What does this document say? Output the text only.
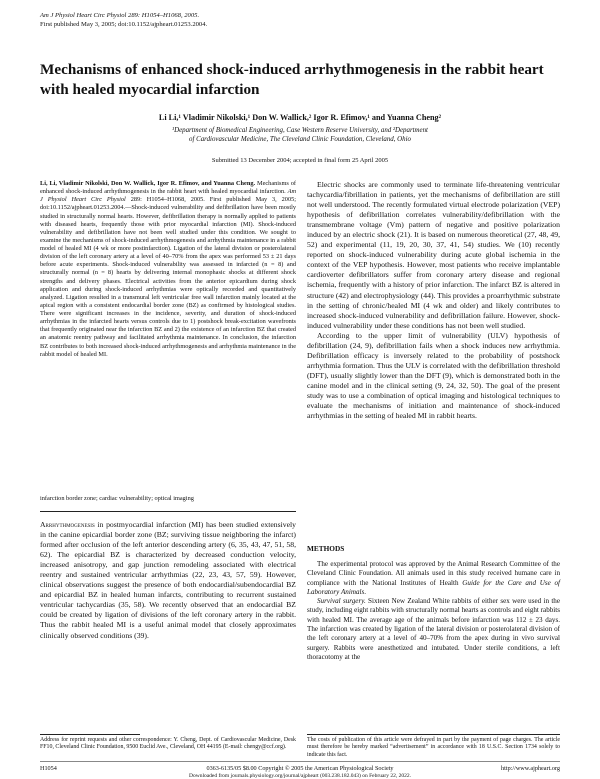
Am J Physiol Heart Circ Physiol 289: H1054–H1068, 2005.
First published May 3, 2005; doi:10.1152/ajpheart.01253.2004.
Mechanisms of enhanced shock-induced arrhythmogenesis in the rabbit heart with healed myocardial infarction
Li Li,¹ Vladimir Nikolski,¹ Don W. Wallick,² Igor R. Efimov,¹ and Yuanna Cheng²
¹Department of Biomedical Engineering, Case Western Reserve University, and ²Department
of Cardiovascular Medicine, The Cleveland Clinic Foundation, Cleveland, Ohio
Submitted 13 December 2004; accepted in final form 25 April 2005
Li, Li, Vladimir Nikolski, Don W. Wallick, Igor R. Efimov, and Yuanna Cheng. Mechanisms of enhanced shock-induced arrhythmogenesis in the rabbit heart with healed myocardial infarction. Am J Physiol Heart Circ Physiol 289: H1054–H1068, 2005. First published May 3, 2005; doi:10.1152/ajpheart.01253.2004.—Shock-induced vulnerability and defibrillation have been mostly studied in structurally normal hearts. However, defibrillation therapy is normally applied to patients with diseased hearts, frequently those with prior myocardial infarction (MI). Shock-induced vulnerability and defibrillation have not been well studied under this condition. We sought to examine the mechanisms of shock-induced arrhythmogenesis and arrhythmia maintenance in a rabbit model of healed MI (4 wk or more postinfarction). Ligation of the lateral division or posterolateral division of the left coronary artery at a level of 40–70% from the apex was performed 53 ± 21 days before acute experiments. Shock-induced vulnerability was assessed in infarcted (n = 8) and structurally normal (n = 8) hearts by delivering internal monophasic shocks at different shock strengths and delivery phases. Electrical activities from the anterior epicardium during shock application and during shock-induced arrhythmias were optically recorded and quantitatively analyzed. Ligation resulted in a transmural left ventricular free wall infarction mainly located at the apical region with a consistent endocardial border zone (BZ) as confirmed by histological studies. There were significant increases in the incidence, severity, and duration of shock-induced arrhythmias in the infarcted hearts versus controls due to 1) postshock break-excitation wavefronts that frequently originated near the infarction BZ and 2) the existence of an infarction BZ that created an anatomic reentry pathway and facilitated arrhythmia maintenance. In conclusion, the infarction BZ contributes to both increased shock-induced arrhythmogenesis and arrhythmia maintenance in the rabbit model of healed MI.
infarction border zone; cardiac vulnerability; optical imaging
Arrhythmogenesis in postmyocardial infarction (MI) has been studied extensively in the canine epicardial border zone (BZ; surviving tissue neighboring the infarct) formed after occlusion of the left anterior descending artery (6, 35, 43, 47, 51, 58, 62). The epicardial BZ is characterized by decreased conduction velocity, increased anisotropy, and gap junction remodeling associated with electrical reentry and sustained ventricular arrhythmias (22, 23, 43, 57, 59). However, clinical observations suggest the presence of both endocardial/subendocardial BZ and epicardial BZ in healed human infarcts, contributing to recurrent sustained ventricular tachycardias (35, 58). We recently observed that an endocardial BZ could be created by ligation of divisions of the left coronary artery in the rabbit. Thus the rabbit healed MI is a useful animal model that closely approximates clinically observed conditions (39).

Electric shocks are commonly used to terminate life-threatening ventricular tachycardia/fibrillation in patients, yet the mechanisms of defibrillation are still not well understood. The recently formulated virtual electrode polarization (VEP) hypothesis of defibrillation correlates vulnerability/defibrillation with the transmembrane voltage (Vm) pattern of negative and positive polarization induced by an electric shock (21). It is based on numerous theoretical (27, 48, 49, 52) and experimental (11, 19, 20, 30, 37, 41, 54) studies. We (10) recently reported on shock-induced vulnerability during acute global ischemia in the context of the VEP hypothesis. However, most patients who receive implantable cardioverter defibrillators suffer from coronary artery disease and regional ischemia, frequently with a history of prior infarction. The infarct BZ is altered in structure (42) and electrophysiology (44). This provides a proarrhythmic substrate in the setting of chronic/healed MI (4 wk and older) and likely contributes to increased shock-induced vulnerability and defibrillation failure. However, shock-induced vulnerability under these conditions has not been well studied.

According to the upper limit of vulnerability (ULV) hypothesis of defibrillation (24, 9), defibrillation fails when a shock induces new arrhythmia. Defibrillation efficacy is inversely related to the probability of postshock arrhythmia formation. Thus the ULV is correlated with the defibrillation threshold (DFT), usually slightly lower than the DFT (9), which is demonstrated both in the canine model and in the clinical setting (9, 24, 32, 50). The goal of the present study was to use a combination of optical imaging and histological techniques to evaluate the mechanisms of initiation and maintenance of shock-induced arrhythmias in the setting of healed MI in rabbit hearts.

METHODS

The experimental protocol was approved by the Animal Research Committee of the Cleveland Clinic Foundation. All animals used in this study received humane care in compliance with the National Institutes of Health Guide for the Care and Use of Laboratory Animals.

Survival surgery. Sixteen New Zealand White rabbits of either sex were used in the study, including eight rabbits with structurally normal hearts as controls and eight rabbits with healed MI. The average age of the animals before infarction was 112 ± 23 days. The infarction was created by ligation of the lateral division or posterolateral division of the left coronary artery at a level of 40–70% from the apex during in vivo survival surgery. Rabbits were anesthetized and intubated. Under sterile conditions, a left thoracotomy at the

Address for reprint requests and other correspondence: Y. Cheng, Dept. of Cardiovascular Medicine, Desk FF10, Cleveland Clinic Foundation, 9500 Euclid Ave., Cleveland, OH 44195 (E-mail: chengy@ccf.org).
The costs of publication of this article were defrayed in part by the payment of page charges. The article must therefore be hereby marked “advertisement” in accordance with 18 U.S.C. Section 1734 solely to indicate this fact.
H1054	0363-6135/05 $8.00 Copyright © 2005 the American Physiological Society	http://www.ajpheart.org
Downloaded from journals.physiology.org/journal/ajpheart (003.238.182.043) on February 22, 2022.
